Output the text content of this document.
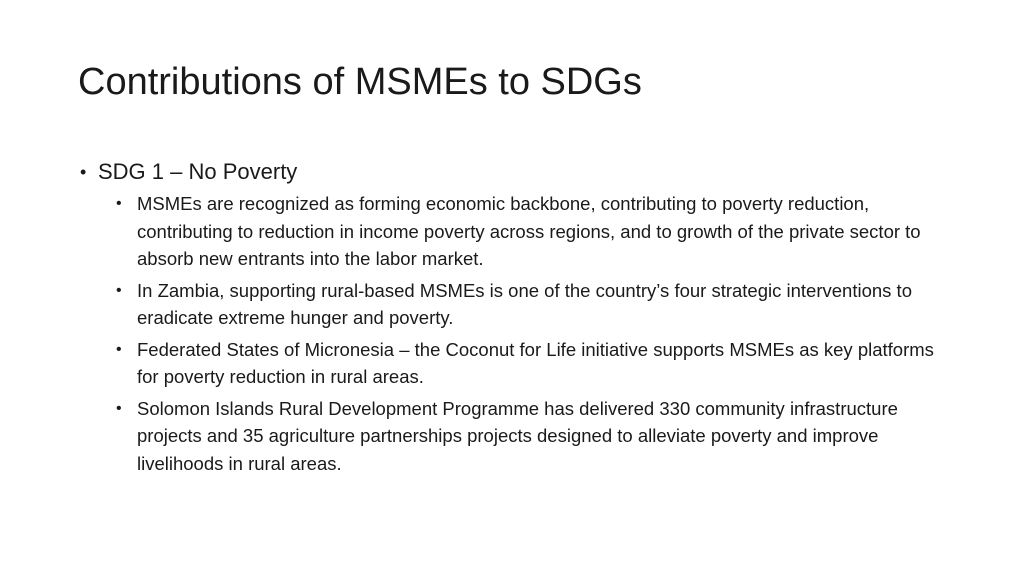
Contributions of MSMEs to SDGs
• SDG 1 – No Poverty
• MSMEs are recognized as forming economic backbone, contributing to poverty reduction, contributing to reduction in income poverty across regions, and to growth of the private sector to absorb new entrants into the labor market.
• In Zambia, supporting rural-based MSMEs is one of the country’s four strategic interventions to eradicate extreme hunger and poverty.
• Federated States of Micronesia – the Coconut for Life initiative supports MSMEs as key platforms for poverty reduction in rural areas.
• Solomon Islands Rural Development Programme has delivered 330 community infrastructure projects and 35 agriculture partnerships projects designed to alleviate poverty and improve livelihoods in rural areas.
